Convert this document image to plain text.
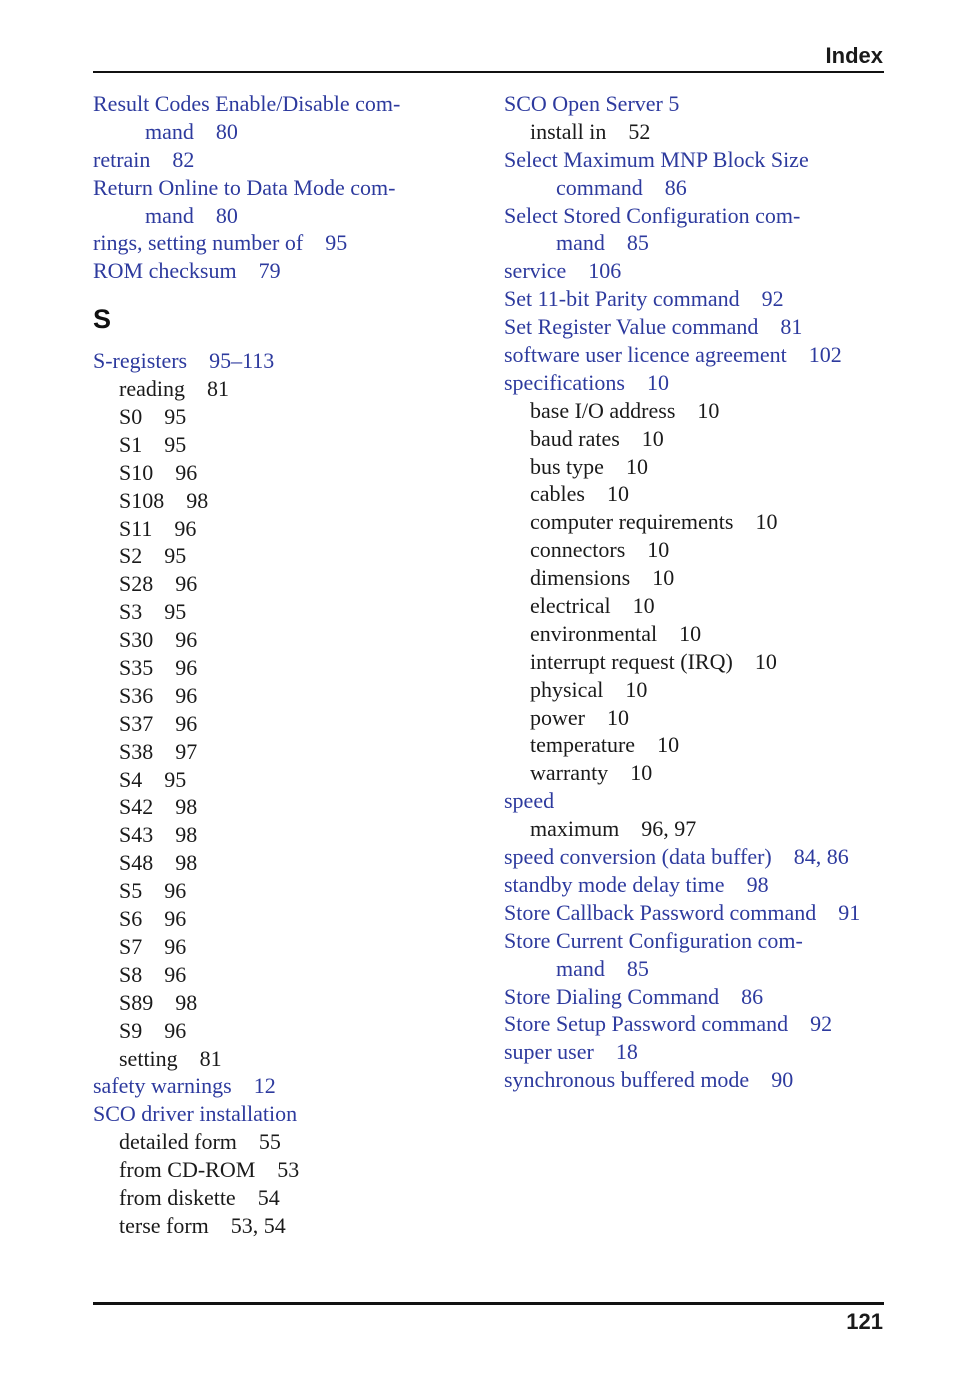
Index
Result Codes Enable/Disable com-
mand 80
retrain 82
Return Online to Data Mode com-
mand 80
rings, setting number of 95
ROM checksum 79
S
S-registers 95–113
reading 81
S0 95
S1 95
S10 96
S108 98
S11 96
S2 95
S28 96
S3 95
S30 96
S35 96
S36 96
S37 96
S38 97
S4 95
S42 98
S43 98
S48 98
S5 96
S6 96
S7 96
S8 96
S89 98
S9 96
setting 81
safety warnings 12
SCO driver installation
detailed form 55
from CD-ROM 53
from diskette 54
terse form 53, 54
SCO Open Server 5
install in 52
Select Maximum MNP Block Size
command 86
Select Stored Configuration com-
mand 85
service 106
Set 11-bit Parity command 92
Set Register Value command 81
software user licence agreement 102
specifications 10
base I/O address 10
baud rates 10
bus type 10
cables 10
computer requirements 10
connectors 10
dimensions 10
electrical 10
environmental 10
interrupt request (IRQ) 10
physical 10
power 10
temperature 10
warranty 10
speed
maximum 96, 97
speed conversion (data buffer) 84, 86
standby mode delay time 98
Store Callback Password command 91
Store Current Configuration com-
mand 85
Store Dialing Command 86
Store Setup Password command 92
super user 18
synchronous buffered mode 90
121
